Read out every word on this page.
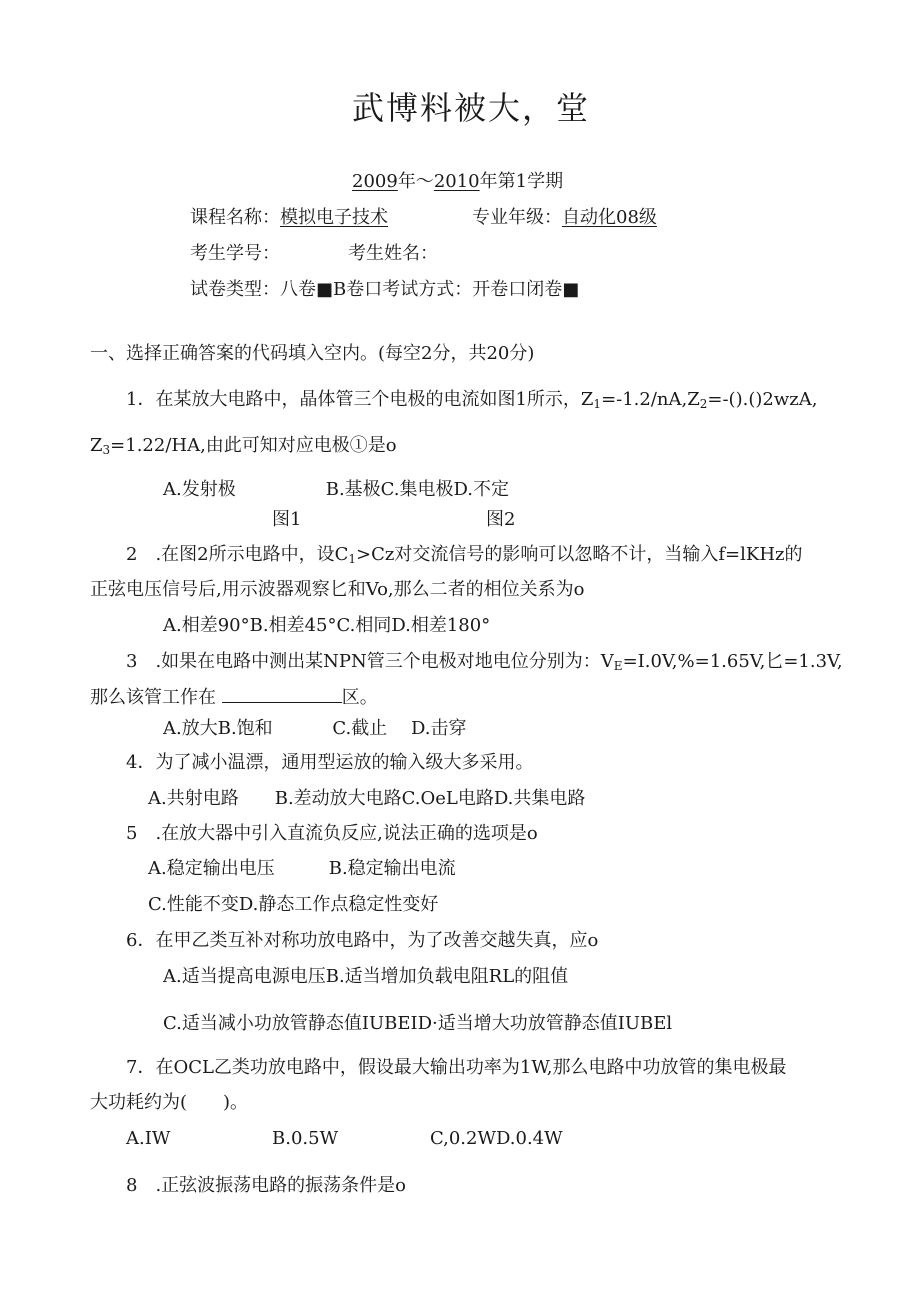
武博料被大，堂
2009年～2010年第1学期
课程名称：模拟电子技术	专业年级：自动化08级
考生学号：	考生姓名：
试卷类型：八卷■B卷口考试方式：开卷口闭卷■
一、选择正确答案的代码填入空内。(每空2分，共20分)
1．在某放大电路中，晶体管三个电极的电流如图1所示，$Z_1=-1.2∕nA,Z_2=-().()2wzA$,
$Z_3=1.22∕HA$,由此可知对应电极①是o
A.发射极　　　　　B.基极C.集电极D.不定
图1	图2
2　.在图2所示电路中，设$C_1>Cz$对交流信号的影响可以忽略不计，当输入f=lKHz的
正弦电压信号后,用示波器观察匕和Vo,那么二者的相位关系为o
A.相差90°B.相差45°C.相同D.相差180°
3　.如果在电路中测出某NPN管三个电极对地电位分别为：$V_E=I.0V,\%=1.65V$,匕=1.3V,
那么该管工作在	区。
A.放大B.饱和　　　 C.截止　 D.击穿
4．为了减小温漂，通用型运放的输入级大多采用。
A.共射电路　　B.差动放大电路C.OeL电路D.共集电路
5　.在放大器中引入直流负反应,说法正确的选项是o
A.稳定输出电压　　　B.稳定输出电流
C.性能不变D.静态工作点稳定性变好
6．在甲乙类互补对称功放电路中，为了改善交越失真，应o
A.适当提高电源电压B.适当增加负载电阻RL的阻值
C.适当减小功放管静态值IUBEID·适当增大功放管静态值IUBEl
7．在OCL乙类功放电路中，假设最大输出功率为1W,那么电路中功放管的集电极最
大功耗约为(　　)。
A.IW	B.0.5W	C,0.2WD.0.4W
8　.正弦波振荡电路的振荡条件是o
